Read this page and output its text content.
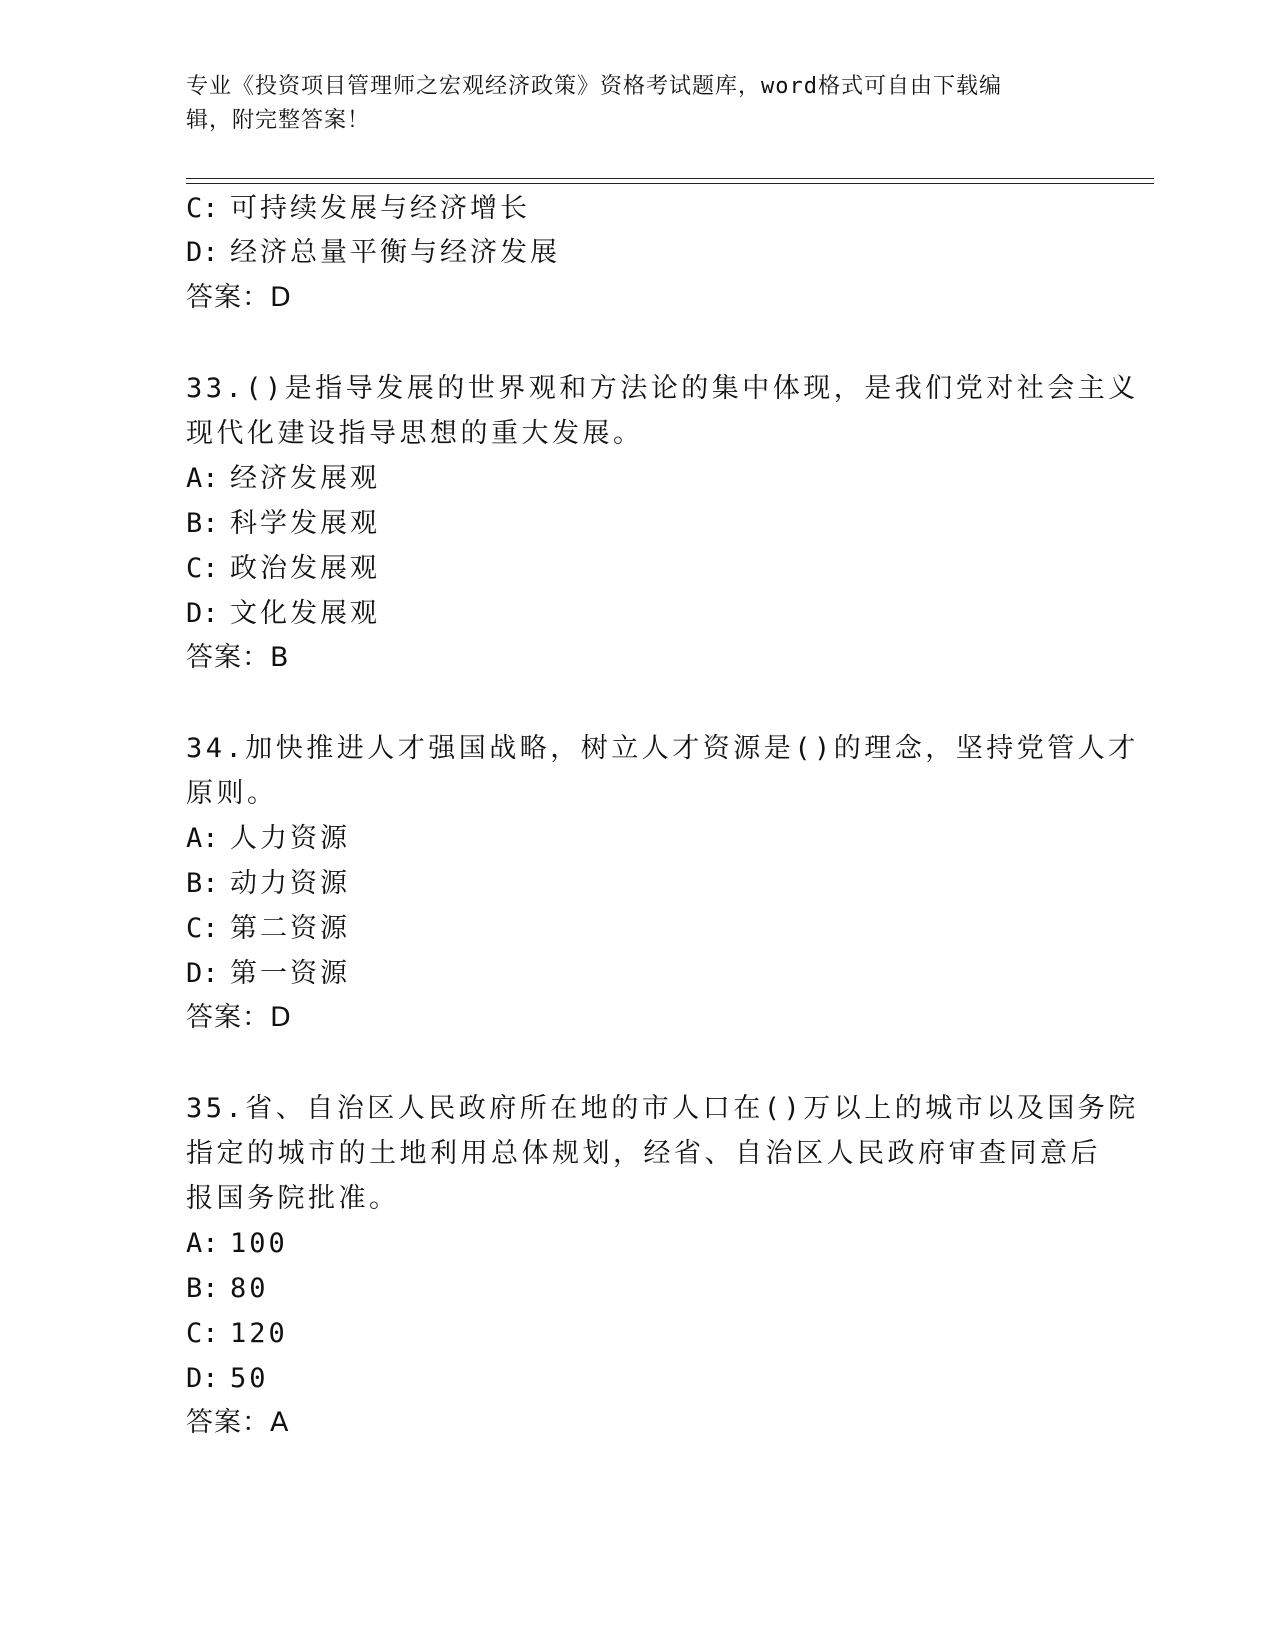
专业《投资项目管理师之宏观经济政策》资格考试题库，word格式可自由下载编
辑，附完整答案！
C: 可持续发展与经济增长
D: 经济总量平衡与经济发展
答案：D
33.()是指导发展的世界观和方法论的集中体现，是我们党对社会主义
现代化建设指导思想的重大发展。
A: 经济发展观
B: 科学发展观
C: 政治发展观
D: 文化发展观
答案：B
34.加快推进人才强国战略，树立人才资源是()的理念，坚持党管人才
原则。
A: 人力资源
B: 动力资源
C: 第二资源
D: 第一资源
答案：D
35.省、自治区人民政府所在地的市人口在()万以上的城市以及国务院
指定的城市的土地利用总体规划，经省、自治区人民政府审查同意后
报国务院批准。
A: 100
B: 80
C: 120
D: 50
答案：A
